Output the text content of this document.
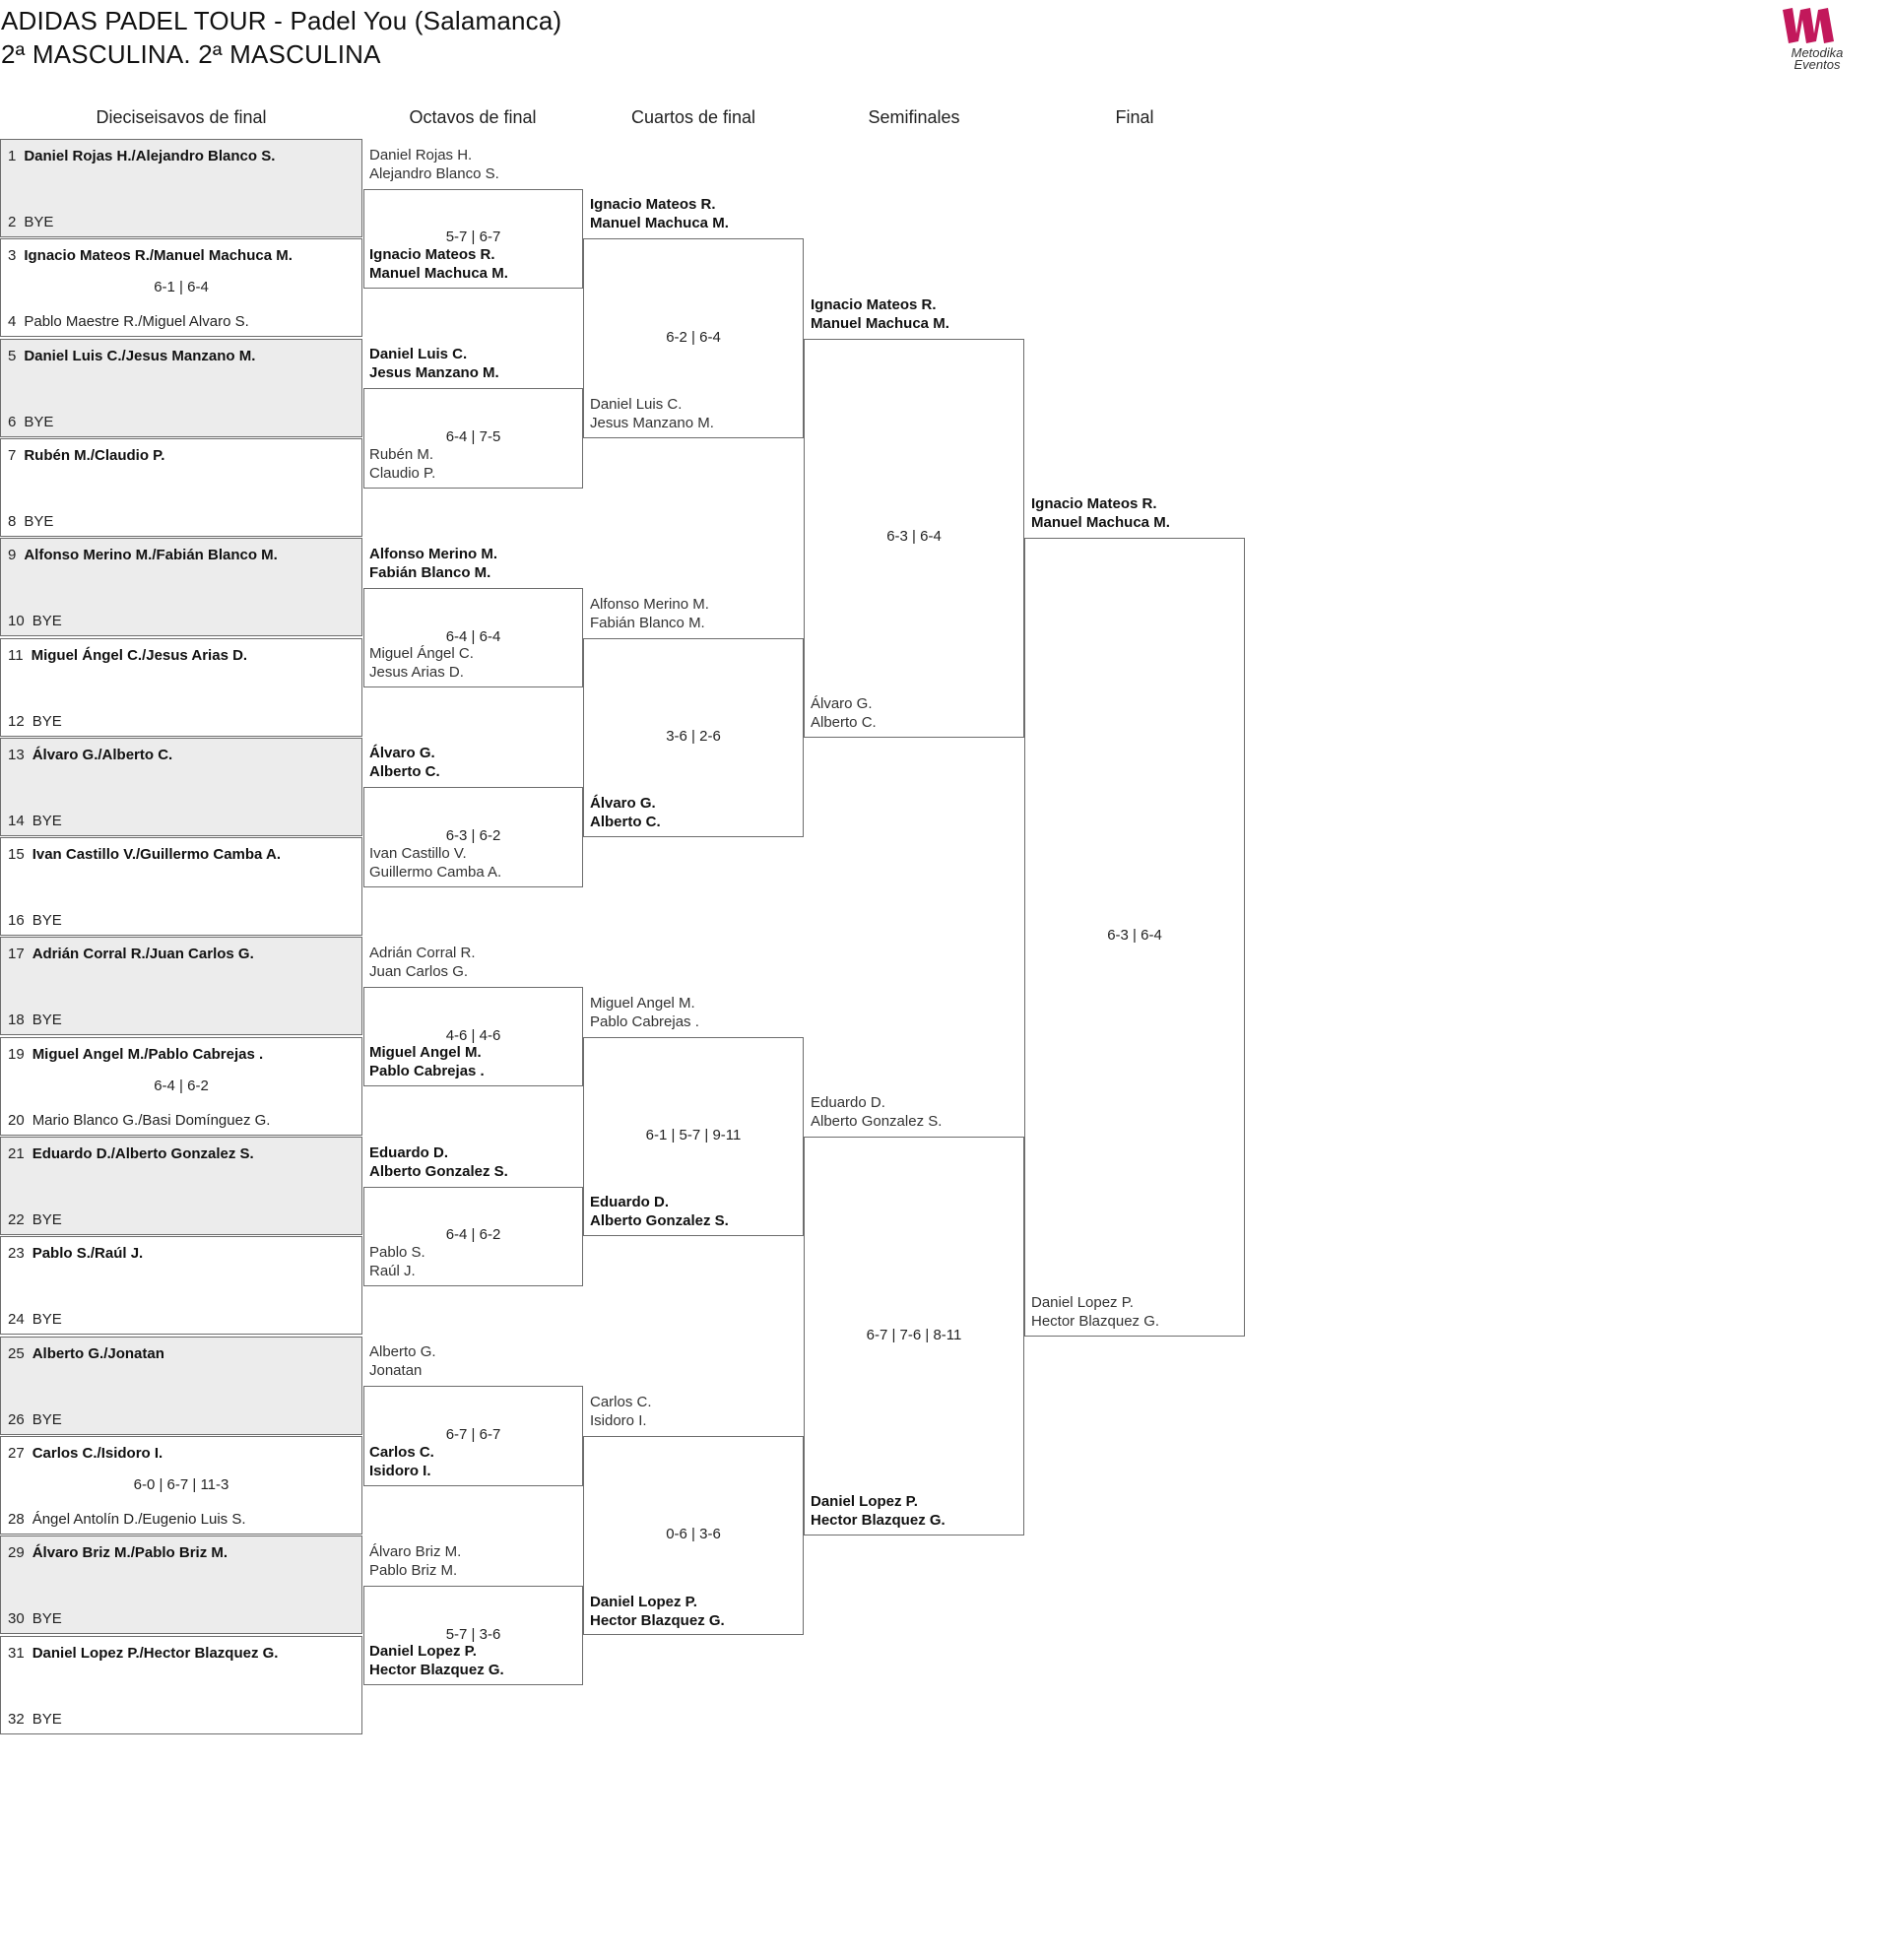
ADIDAS PADEL TOUR - Padel You (Salamanca)
2ª MASCULINA. 2ª MASCULINA	Metodika
Eventos
Dieciseisavos de final	Octavos de final	Cuartos de final	Semifinales	Final
1 Daniel Rojas H./Alejandro Blanco S.
2 BYE
3 Ignacio Mateos R./Manuel Machuca M.
4 Pablo Maestre R./Miguel Alvaro S.
6-1 | 6-4
5 Daniel Luis C./Jesus Manzano M.
6 BYE
7 Rubén M./Claudio P.
8 BYE
9 Alfonso Merino M./Fabián Blanco M.
10 BYE
11 Miguel Ángel C./Jesus Arias D.
12 BYE
13 Álvaro G./Alberto C.
14 BYE
15 Ivan Castillo V./Guillermo Camba A.
16 BYE
17 Adrián Corral R./Juan Carlos G.
18 BYE
19 Miguel Angel M./Pablo Cabrejas .
20 Mario Blanco G./Basi Domínguez G.
6-4 | 6-2
21 Eduardo D./Alberto Gonzalez S.
22 BYE
23 Pablo S./Raúl J.
24 BYE
25 Alberto G./Jonatan
26 BYE
27 Carlos C./Isidoro I.
28 Ángel Antolín D./Eugenio Luis S.
6-0 | 6-7 | 11-3
29 Álvaro Briz M./Pablo Briz M.
30 BYE
31 Daniel Lopez P./Hector Blazquez G.
32 BYE
Daniel Rojas H.
Alejandro Blanco S.
Ignacio Mateos R.
Manuel Machuca M.
5-7 | 6-7
Daniel Luis C.
Jesus Manzano M.
Rubén M.
Claudio P.
6-4 | 7-5
Alfonso Merino M.
Fabián Blanco M.
Miguel Ángel C.
Jesus Arias D.
6-4 | 6-4
Álvaro G.
Alberto C.
Ivan Castillo V.
Guillermo Camba A.
6-3 | 6-2
Adrián Corral R.
Juan Carlos G.
Miguel Angel M.
Pablo Cabrejas .
4-6 | 4-6
Eduardo D.
Alberto Gonzalez S.
Pablo S.
Raúl J.
6-4 | 6-2
Alberto G.
Jonatan
Carlos C.
Isidoro I.
6-7 | 6-7
Álvaro Briz M.
Pablo Briz M.
Daniel Lopez P.
Hector Blazquez G.
5-7 | 3-6
Ignacio Mateos R.
Manuel Machuca M.
Daniel Luis C.
Jesus Manzano M.
6-2 | 6-4
Alfonso Merino M.
Fabián Blanco M.
Álvaro G.
Alberto C.
3-6 | 2-6
Miguel Angel M.
Pablo Cabrejas .
Eduardo D.
Alberto Gonzalez S.
6-1 | 5-7 | 9-11
Carlos C.
Isidoro I.
Daniel Lopez P.
Hector Blazquez G.
0-6 | 3-6
Ignacio Mateos R.
Manuel Machuca M.
Álvaro G.
Alberto C.
6-3 | 6-4
Eduardo D.
Alberto Gonzalez S.
Daniel Lopez P.
Hector Blazquez G.
6-7 | 7-6 | 8-11
Ignacio Mateos R.
Manuel Machuca M.
Daniel Lopez P.
Hector Blazquez G.
6-3 | 6-4
